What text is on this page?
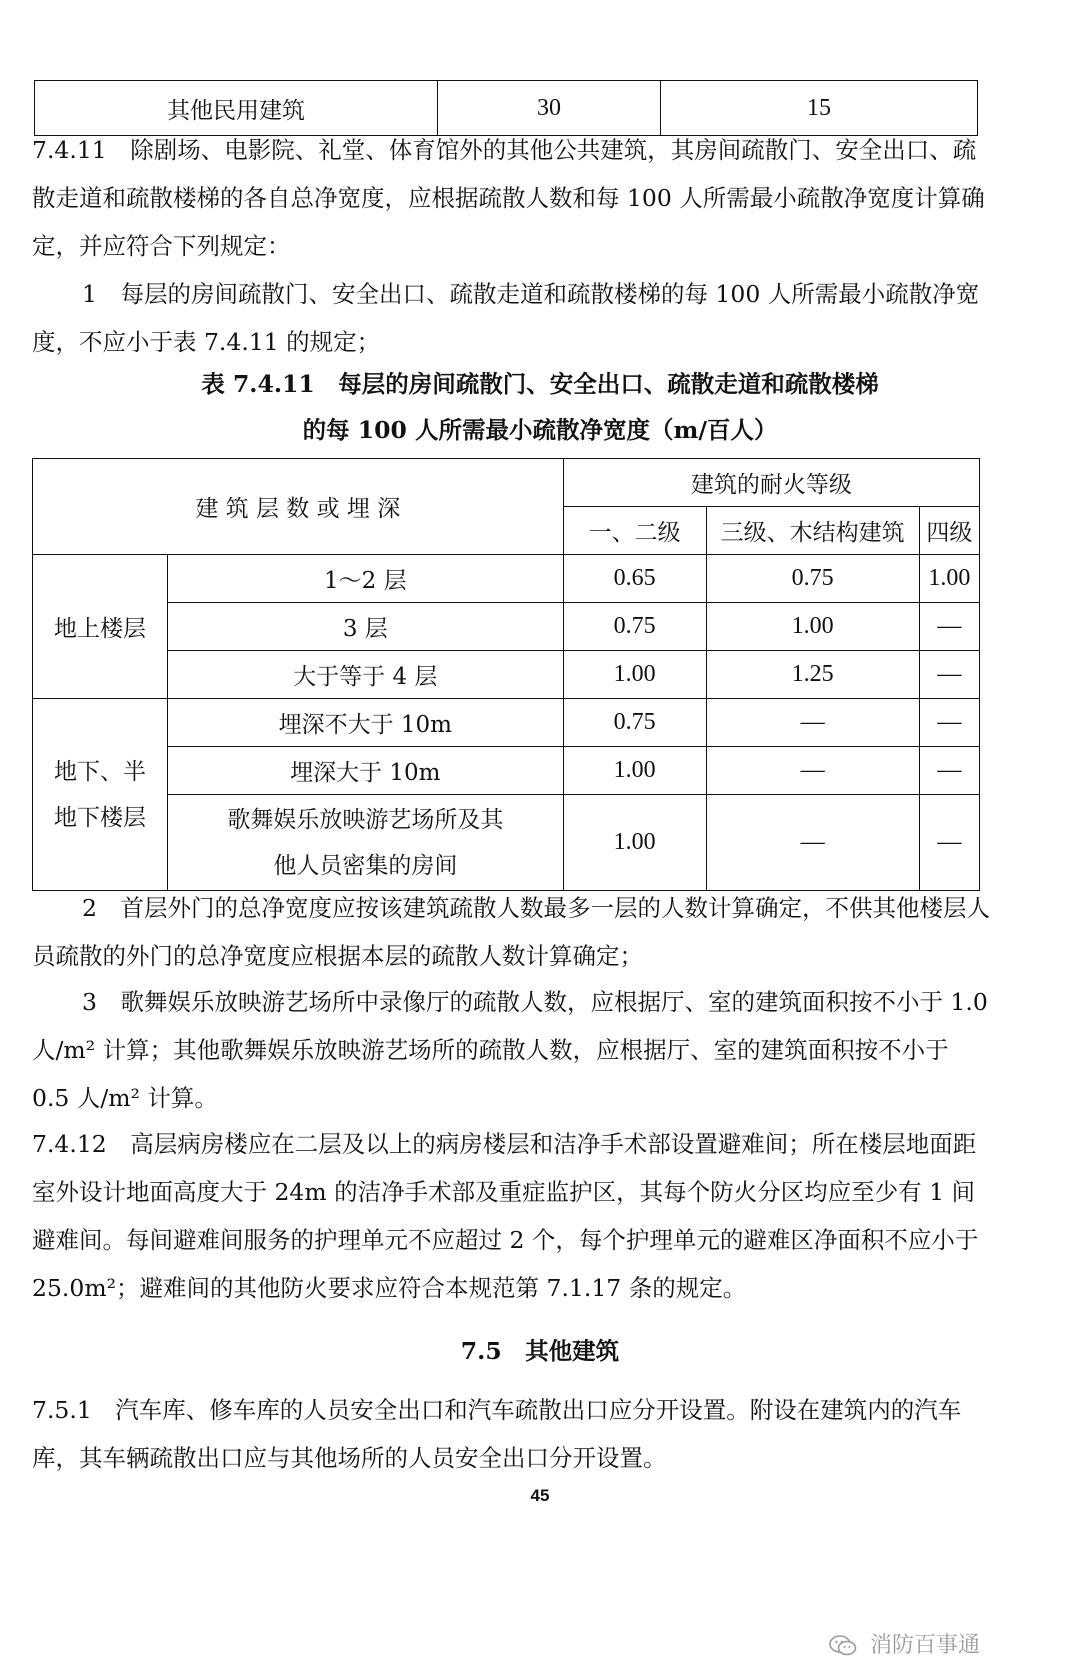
其他民用建筑	30	15
7.4.11　除剧场、电影院、礼堂、体育馆外的其他公共建筑，其房间疏散门、安全出口、疏散走道和疏散楼梯的各自总净宽度，应根据疏散人数和每 100 人所需最小疏散净宽度计算确定，并应符合下列规定：
1　每层的房间疏散门、安全出口、疏散走道和疏散楼梯的每 100 人所需最小疏散净宽度，不应小于表 7.4.11 的规定；
表 7.4.11　每层的房间疏散门、安全出口、疏散走道和疏散楼梯
的每 100 人所需最小疏散净宽度（m/百人）
建 筑 层 数 或 埋 深		建筑的耐火等级		
		一、二级	三级、木结构建筑	四级
地上楼层	1～2 层	0.65	0.75	1.00
	3 层	0.75	1.00	—
	大于等于 4 层	1.00	1.25	—

地下、半地下楼层	埋深不大于 10m	0.75	—	—
	埋深大于 10m	1.00	—	—

	歌舞娱乐放映游艺场所及其他人员密集的房间	1.00	—	—
2　首层外门的总净宽度应按该建筑疏散人数最多一层的人数计算确定，不供其他楼层人员疏散的外门的总净宽度应根据本层的疏散人数计算确定；
3　歌舞娱乐放映游艺场所中录像厅的疏散人数，应根据厅、室的建筑面积按不小于 1.0 人/m² 计算；其他歌舞娱乐放映游艺场所的疏散人数，应根据厅、室的建筑面积按不小于 0.5 人/m² 计算。
7.4.12　高层病房楼应在二层及以上的病房楼层和洁净手术部设置避难间；所在楼层地面距室外设计地面高度大于 24m 的洁净手术部及重症监护区，其每个防火分区均应至少有 1 间避难间。每间避难间服务的护理单元不应超过 2 个，每个护理单元的避难区净面积不应小于 25.0m²；避难间的其他防火要求应符合本规范第 7.1.17 条的规定。
7.5　其他建筑
7.5.1　汽车库、修车库的人员安全出口和汽车疏散出口应分开设置。附设在建筑内的汽车库，其车辆疏散出口应与其他场所的人员安全出口分开设置。
45
消防百事通
